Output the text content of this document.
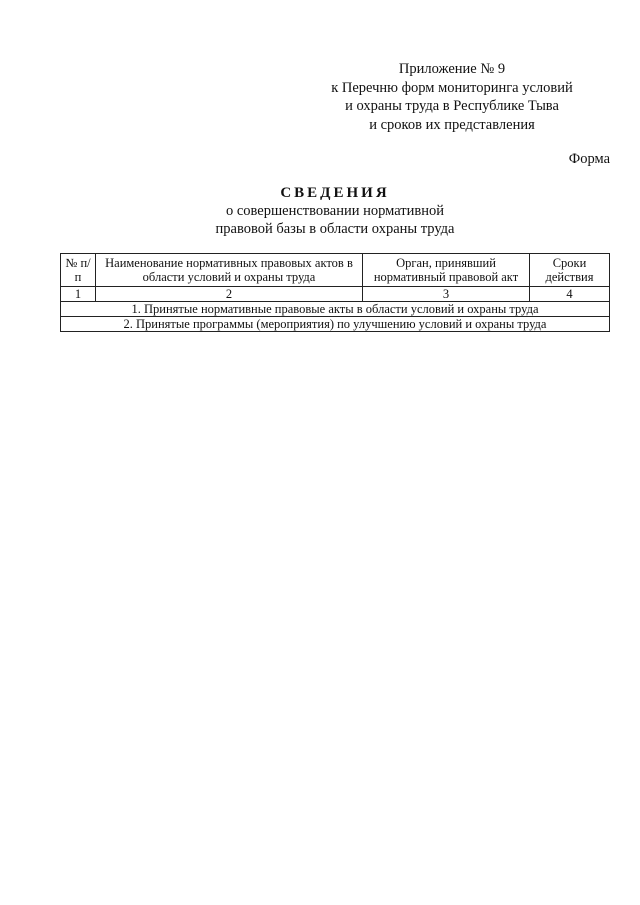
Приложение № 9
к Перечню форм мониторинга условий
и охраны труда в Республике Тыва
и сроков их представления
Форма
СВЕДЕНИЯ
о совершенствовании нормативной
правовой базы в области охраны труда
№ п/п	Наименование нормативных правовых актов в области условий и охраны труда	Орган, принявший нормативный правовой акт	Сроки действия
1	2	3	4
1. Принятые нормативные правовые акты в области условий и охраны труда			
2. Принятые программы (мероприятия) по улучшению условий и охраны труда			
